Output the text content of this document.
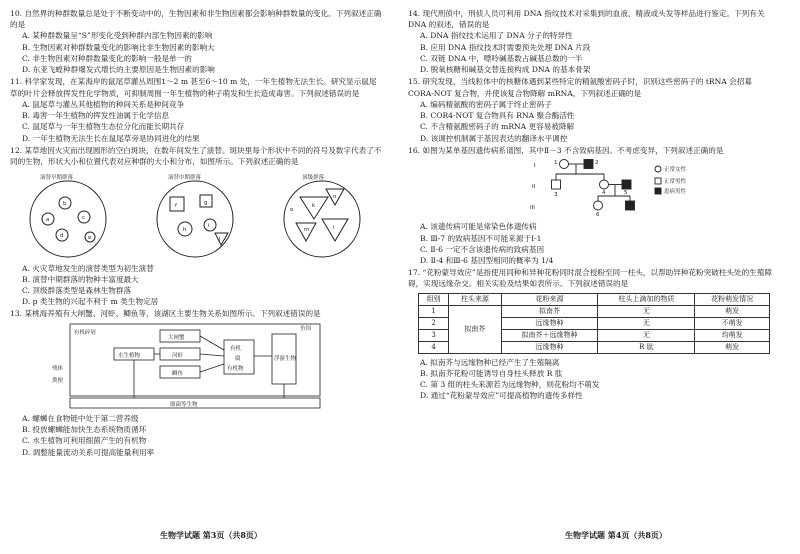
10. 自然界的种群数量总是处于不断变动中的，生物因素和非生物因素都会影响种群数量的变化。下列叙述正确的是
A. 某种群数量呈“S”形变化受到种群内部生物因素的影响
B. 生物因素对种群数量变化的影响比非生物因素的影响大
C. 非生物因素对种群数量变化的影响一般是单一的
D. 东亚飞蝗种群爆发式增长的主要原因是生物因素的影响
11. 科学家发现，在某海岸的鼠尾草灌丛周围1～2 m 甚至6～10 m 处，一年生植物无法生长。研究显示鼠尾草的叶片会释放挥发性化学物质，可抑制周围一年生植物的种子萌发和生长造成毒害。下列叙述错误的是
A. 鼠尾草与灌丛其他植物的种间关系是种间竞争
B. 毒害一年生植物的挥发性油属于化学信息
C. 鼠尾草与一年生植物生态位分化而能长期共存
D. 一年生植物无法生长在鼠尾草旁是协同进化的结果
12. 某草地因火灾而出现圆形的空白斑块，在数年间发生了演替。斑块里每个形状中不同的符号及数字代表了不同的生物，形状大小和位置代表对应种群的大小和分布，如图所示。下列叙述正确的是
演替早期群落	演替中期群落	顶级群落
a
b
c
d	e
f	g
h
i
j
k
l
m
n
o
A. 火灾草地发生的演替类型为初生演替
B. 演替中期群落的物种丰富度最大
C. 顶级群落类型是森林生物群落
D. p 类生物的兴起不利于 m 类生物定居
13. 某桃海养殖有大闸蟹、河虾、鲫鱼等，该湖区主要生物关系如图所示。下列叙述错误的是
大闸蟹
水生植物	河虾
鲫鱼
有机
腐
有机物
浮游生物
残体
粪便
细菌等生物
有机碎屑
鱼饲
A. 螺蛳在食物链中处于第二营养级
B. 投放螺蛳能加快生态系统物质循环
C. 水生植物可利用细菌产生的有机物
D. 调整能量流动关系可提高能量利用率
生物学试题 第3页（共8页）
14. 现代刑侦中，刑侦人员可利用 DNA 指纹技术对采集到的血液、精液或头发等样品进行鉴定。下列有关 DNA 的叙述，错误的是
A. DNA 指纹技术运用了 DNA 分子的特异性
B. 应用 DNA 指纹技术时需要预先处理 DNA 片段
C. 双链 DNA 中，嘌呤碱基数占碱基总数的一半
D. 脱氧核糖和碱基交替连接构成 DNA 的基本骨架
15. 研究发现，当线粒体中的核糖体遇到某些特定的精氨酸密码子时，识别这些密码子的 tRNA 会招募 CORA-NOT 复合物，并使该复合物降解 mRNA。下列叙述正确的是
A. 编码精氨酸的密码子属于终止密码子
B. COR4-NOT 复合物具有 RNA 聚合酶活性
C. 不含精氨酸密码子的 mRNA 更容易被降解
D. 该调控机制属于基因表达的翻译水平调控
16. 如图为某单基因遗传病系谱图，其中Ⅱ－3 不含致病基因。不考虑变异，下列叙述正确的是
I
II
III
1	2
3	4	5
6
正常女性
正常男性
患病男性
A. 该遗传病可能是常染色体遗传病
B. Ⅲ-7 的致病基因不可能来源于Ⅰ-1
C. Ⅱ-6 一定不含该遗传病的致病基因
D. Ⅱ-4 和Ⅲ-6 基因型相同的概率为 1/4
17. “花粉蒙导效应”是指使用同种和异种花粉同时混合授粉至同一柱头，以帮助异种花粉突破柱头处的生殖障碍，实现远缘杂交。相关实验及结果如表所示。下列叙述错误的是
组别	柱头来源	花粉来源	柱头上滴加的物质	花粉萌发情况
1	拟南芥	拟南芥	无	萌发
2		远缘物种	无	不萌发
3		拟南芥＋远缘物种	无	均萌发
4		远缘物种	R 肽	萌发
A. 拟南芥与远缘物种已经产生了生殖隔离
B. 拟南芥花粉可能诱导自身柱头释放 R 肽
C. 第 3 组的柱头来源若为远缘物种，则花粉均不萌发
D. 通过“花粉蒙导效应”可提高植物的遗传多样性
生物学试题 第4页（共8页）
